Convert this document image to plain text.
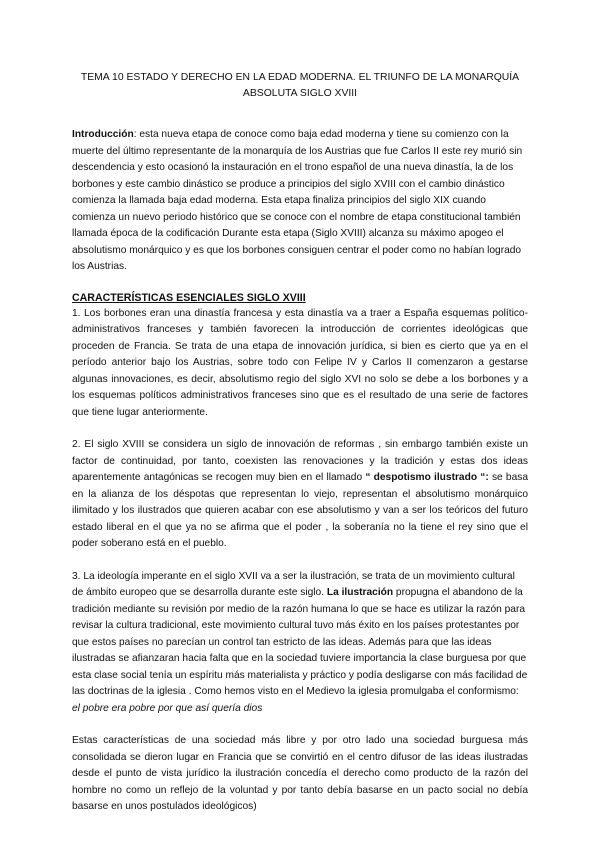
TEMA 10 ESTADO Y DERECHO EN LA EDAD MODERNA. EL TRIUNFO DE LA MONARQUÍA ABSOLUTA SIGLO XVIII

Introducción: esta nueva etapa de conoce como baja edad moderna y tiene su comienzo con la muerte del último representante de la monarquía de los Austrias que fue Carlos II este rey murió sin descendencia y esto ocasionó la instauración en el trono español de una nueva dinastía, la de los borbones y este cambio dinástico se produce a principios del siglo XVIII con el cambio dinástico comienza la llamada baja edad moderna. Esta etapa finaliza principios del siglo XIX cuando comienza un nuevo periodo histórico que se conoce con el nombre de etapa constitucional también llamada época de la codificación Durante esta etapa (Siglo XVIII) alcanza su máximo apogeo el absolutismo monárquico y es que los borbones consiguen centrar el poder como no habían logrado los Austrias.

CARACTERÍSTICAS ESENCIALES SIGLO XVIII

1. Los borbones eran una dinastía francesa y esta dinastía va a traer a España esquemas político- administrativos franceses y también favorecen la introducción de corrientes ideológicas que proceden de Francia. Se trata de una etapa de innovación jurídica, si bien es cierto que ya en el período anterior bajo los Austrias, sobre todo con Felipe IV y Carlos II comenzaron a gestarse algunas innovaciones, es decir, absolutismo regio del siglo XVI no solo se debe a los borbones y a los esquemas políticos administrativos franceses sino que es el resultado de una serie de factores que tiene lugar anteriormente.

2. El siglo XVIII se considera un siglo de innovación de reformas , sin embargo también existe un factor de continuidad, por tanto, coexisten las renovaciones y la tradición y estas dos ideas aparentemente antagónicas se recogen muy bien en el llamado “ despotismo ilustrado “: se basa en la alianza de los déspotas que representan lo viejo, representan el absolutismo monárquico ilimitado y los ilustrados que quieren acabar con ese absolutismo y van a ser los teóricos del futuro estado liberal en el que ya no se afirma que el poder , la soberanía no la tiene el rey sino que el poder soberano está en el pueblo.

3. La ideología imperante en el siglo XVII va a ser la ilustración, se trata de un movimiento cultural de ámbito europeo que se desarrolla durante este siglo. La ilustración propugna el abandono de la tradición mediante su revisión por medio de la razón humana lo que se hace es utilizar la razón para revisar la cultura tradicional, este movimiento cultural tuvo más éxito en los países protestantes por que estos países no parecían un control tan estricto de las ideas. Además para que las ideas ilustradas se afianzaran hacia falta que en la sociedad tuviere importancia la clase burguesa por que esta clase social tenía un espíritu más materialista y práctico y podía desligarse con más facilidad de las doctrinas de la iglesia . Como hemos visto en el Medievo la iglesia promulgaba el conformismo: el pobre era pobre por que así quería dios

Estas características de una sociedad más libre y por otro lado una sociedad burguesa más consolidada se dieron lugar en Francia que se convirtió en el centro difusor de las ideas ilustradas desde el punto de vista jurídico la ilustración concedía el derecho como producto de la razón del hombre no como un reflejo de la voluntad y por tanto debía basarse en un pacto social no debía basarse en unos postulados ideológicos)
